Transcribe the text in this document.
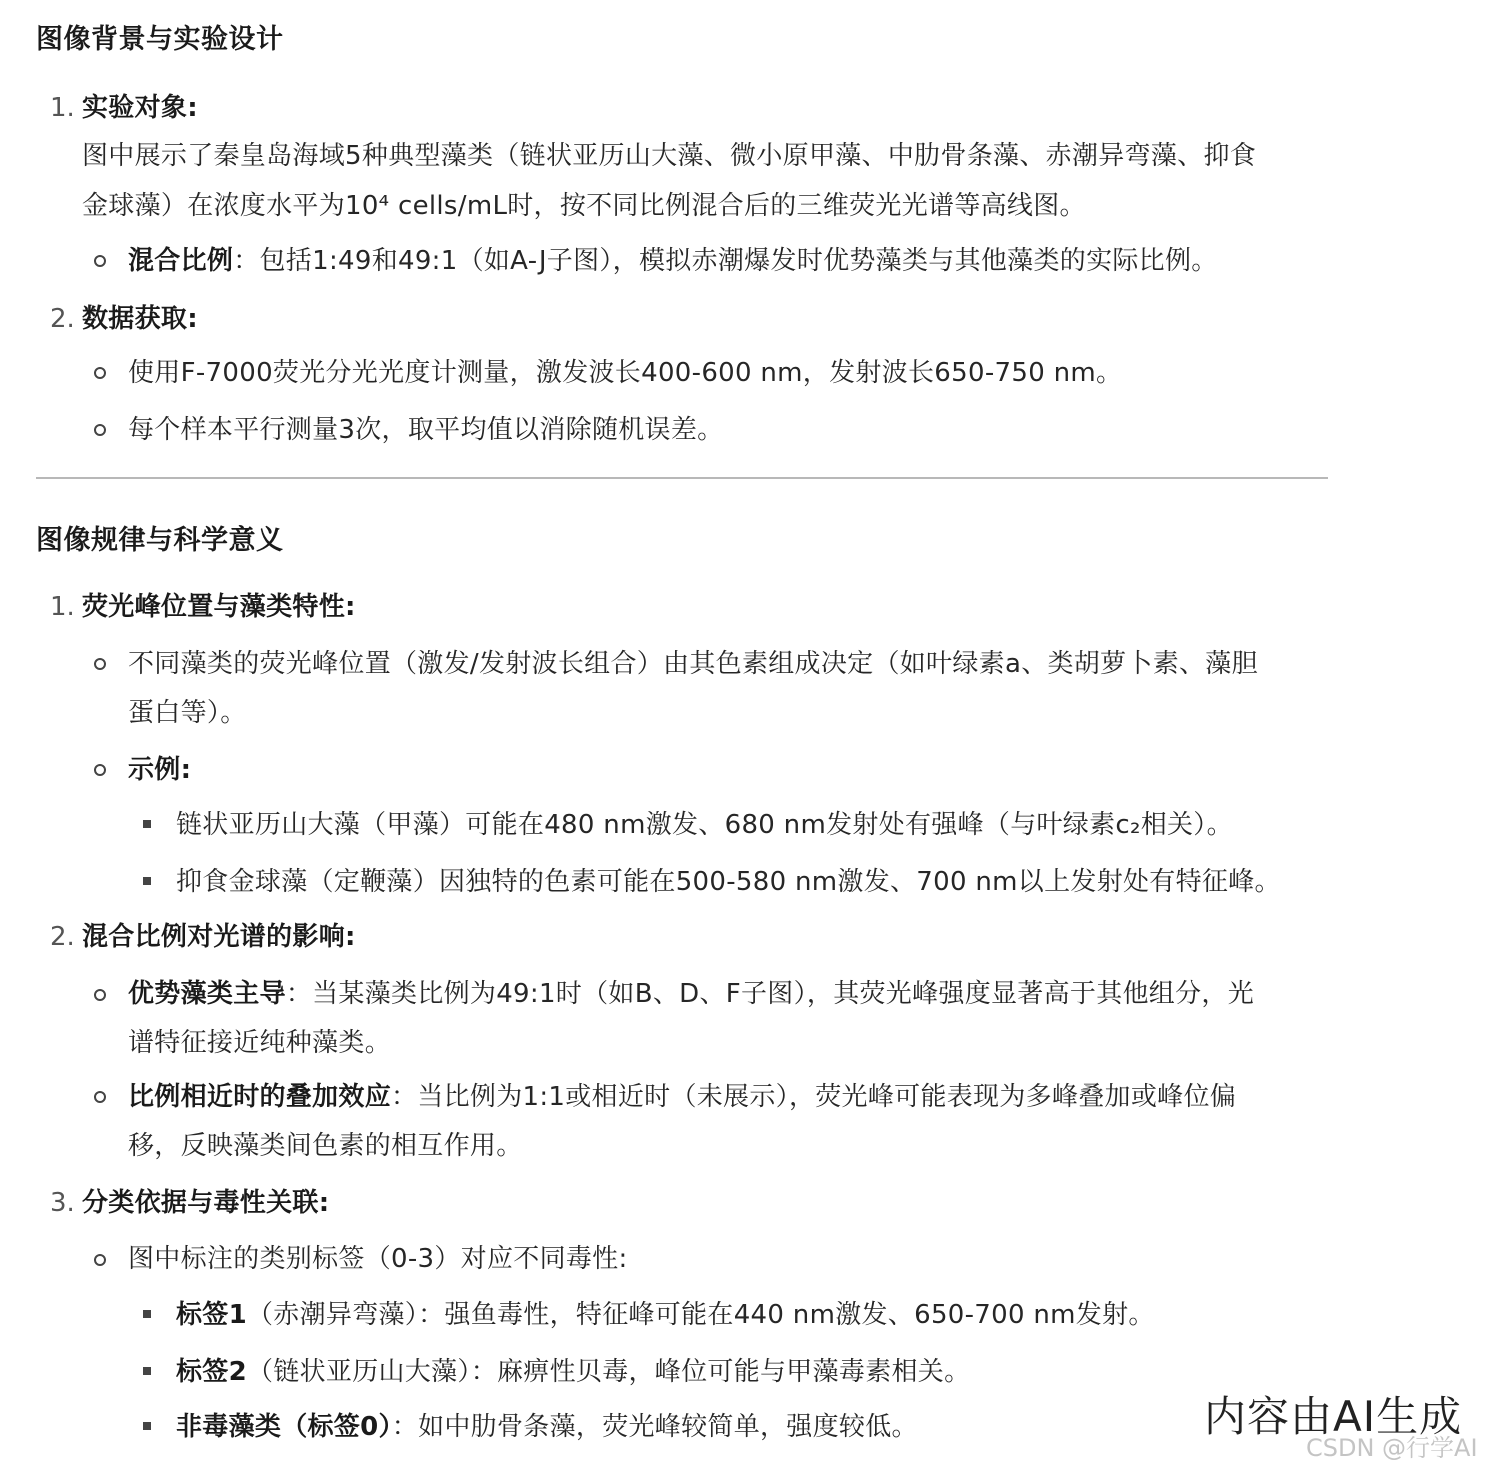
图像背景与实验设计
1. 实验对象:
图中展示了秦皇岛海域5种典型藻类（链状亚历山大藻、微小原甲藻、中肋骨条藻、赤潮异弯藻、抑食
金球藻）在浓度水平为10⁴ cells/mL时，按不同比例混合后的三维荧光光谱等高线图。
混合比例：包括1:49和49:1（如A-J子图），模拟赤潮爆发时优势藻类与其他藻类的实际比例。
2. 数据获取:
使用F-7000荧光分光光度计测量，激发波长400-600 nm，发射波长650-750 nm。
每个样本平行测量3次，取平均值以消除随机误差。
图像规律与科学意义
1. 荧光峰位置与藻类特性:
不同藻类的荧光峰位置（激发/发射波长组合）由其色素组成决定（如叶绿素a、类胡萝卜素、藻胆
蛋白等）。
示例:
链状亚历山大藻（甲藻）可能在480 nm激发、680 nm发射处有强峰（与叶绿素c₂相关）。
抑食金球藻（定鞭藻）因独特的色素可能在500-580 nm激发、700 nm以上发射处有特征峰。
2. 混合比例对光谱的影响:
优势藻类主导：当某藻类比例为49:1时（如B、D、F子图），其荧光峰强度显著高于其他组分，光
谱特征接近纯种藻类。
比例相近时的叠加效应：当比例为1:1或相近时（未展示），荧光峰可能表现为多峰叠加或峰位偏
移，反映藻类间色素的相互作用。
3. 分类依据与毒性关联:
图中标注的类别标签（0-3）对应不同毒性:
标签1（赤潮异弯藻）：强鱼毒性，特征峰可能在440 nm激发、650-700 nm发射。
标签2（链状亚历山大藻）：麻痹性贝毒，峰位可能与甲藻毒素相关。
非毒藻类（标签0）：如中肋骨条藻，荧光峰较简单，强度较低。	内容由AI生成
CSDN @行学AI
